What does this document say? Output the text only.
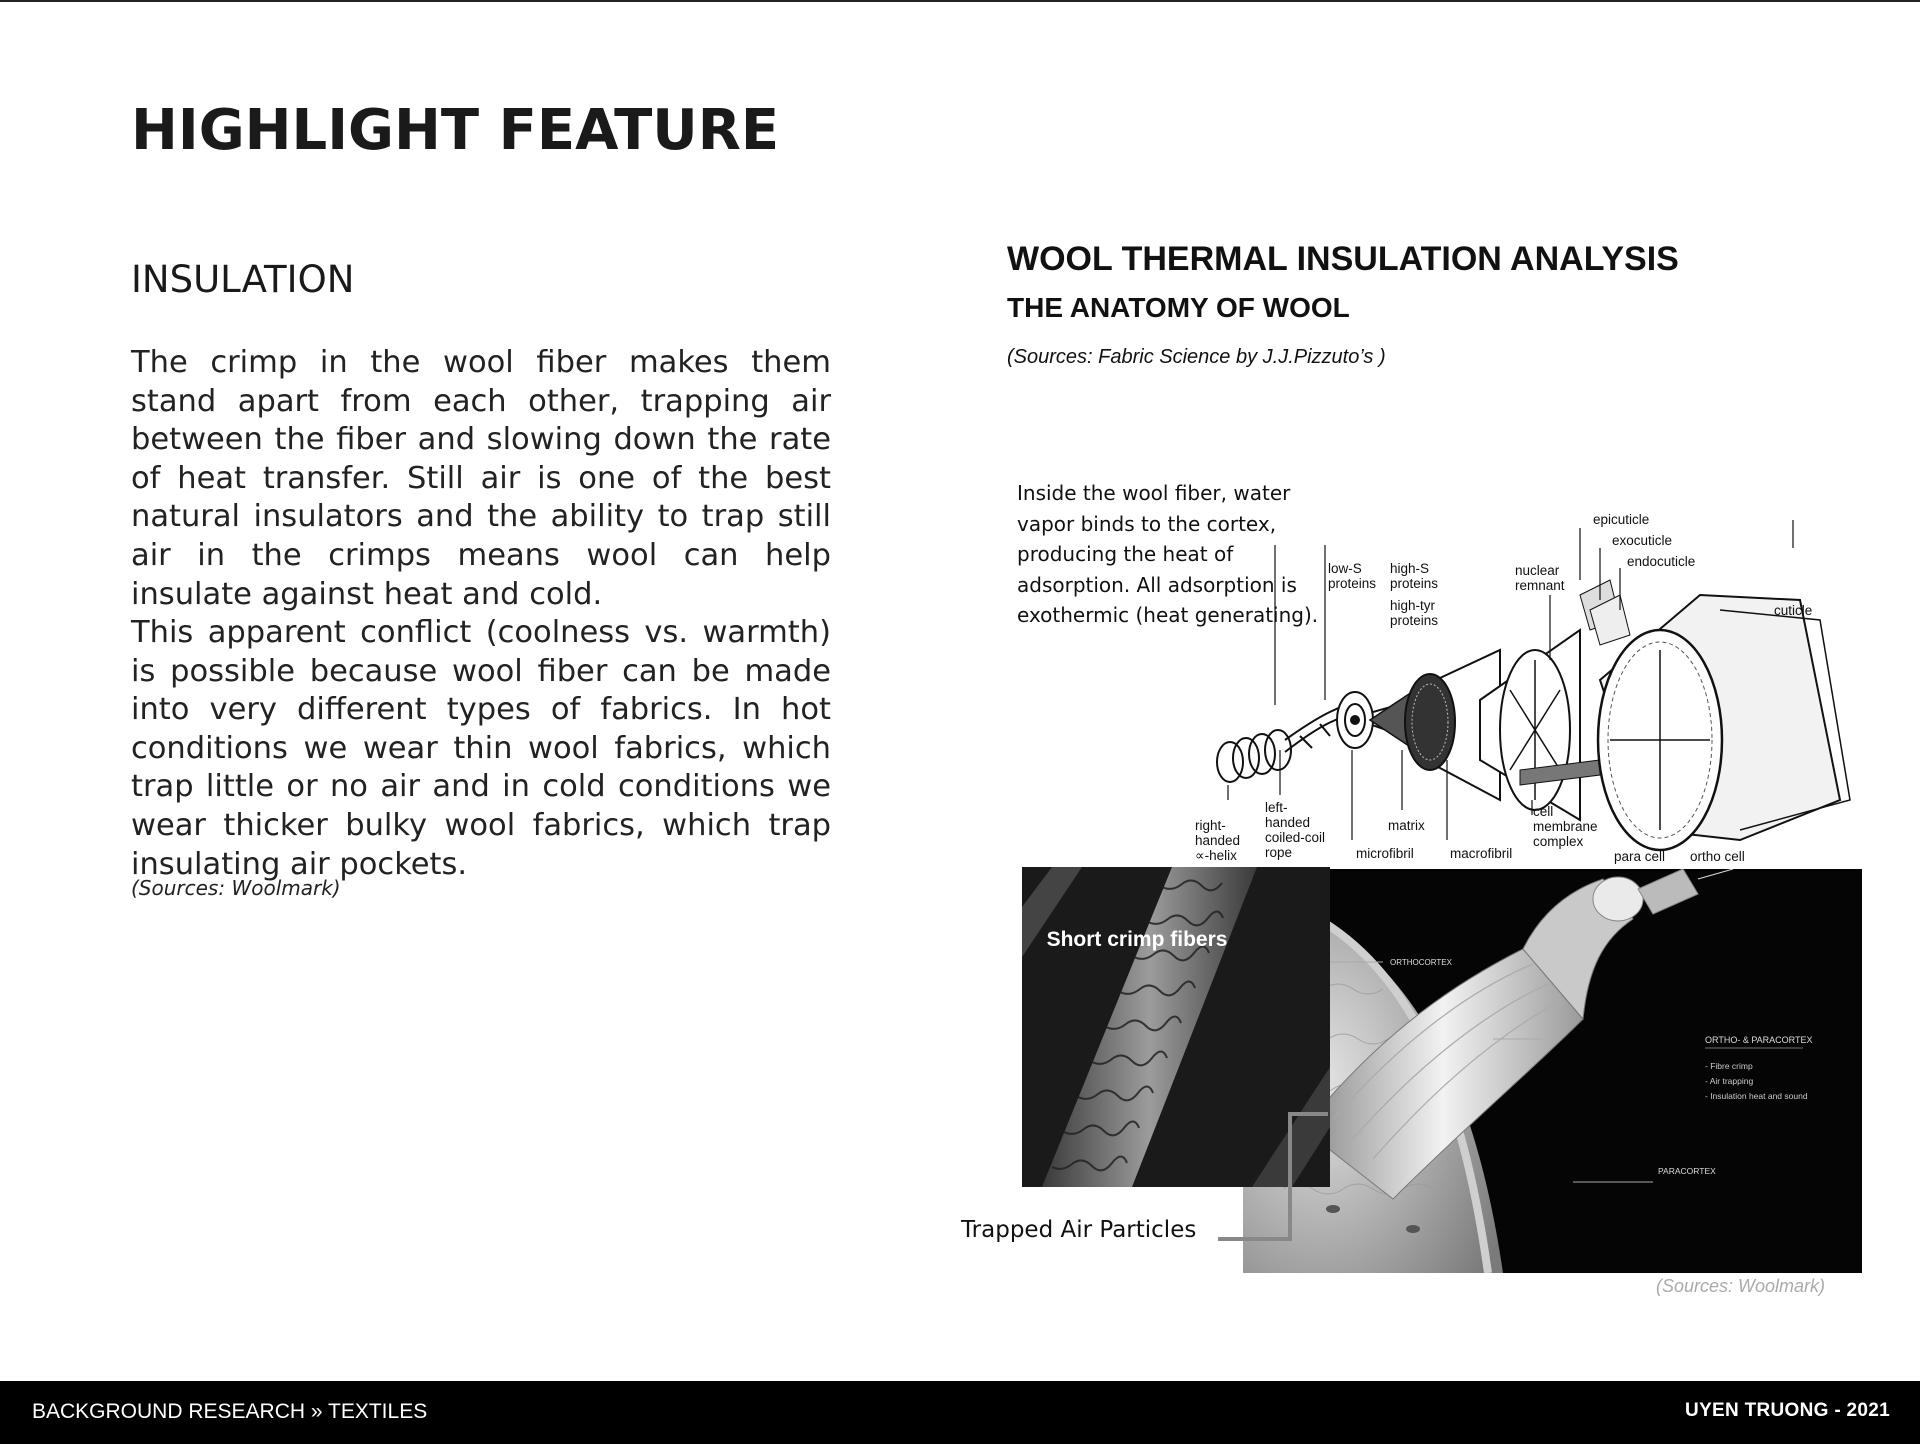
HIGHLIGHT FEATURE
INSULATION

The crimp in the wool fiber makes them stand apart from each other, trapping air between the fiber and slowing down the rate of heat transfer. Still air is one of the best natural insulators and the ability to trap still air in the crimps means wool can help insulate against heat and cold.

This apparent conflict (coolness vs. warmth) is possible because wool fiber can be made into very different types of fabrics. In hot conditions we wear thin wool fabrics, which trap little or no air and in cold conditions we wear thicker bulky wool fabrics, which trap insulating air pockets.

(Sources: Woolmark)

WOOL THERMAL INSULATION ANALYSIS
THE ANATOMY OF WOOL

(Sources: Fabric Science by J.J.Pizzuto’s )

Inside the wool fiber, water vapor binds to the cortex, producing the heat of adsorption. All adsorption is exothermic (heat generating).

epicuticle
exocuticle
endocuticle
cuticle
low-S
proteins
high-S
proteins
high-tyr
proteins
nuclear
remnant
right-
handed
∝-helix
left-
handed
coiled-coil
rope
matrix
microfibril	macrofibril
cell
membrane
complex
para cell ortho cell
ORTHOCORTEX
ORTHO- & PARACORTEX
- Fibre crimp
- Air trapping
- Insulation heat and sound
PARACORTEX

Short crimp fibers

Trapped Air Particles

(Sources: Woolmark)

BACKGROUND RESEARCH » TEXTILES	UYEN TRUONG - 2021
